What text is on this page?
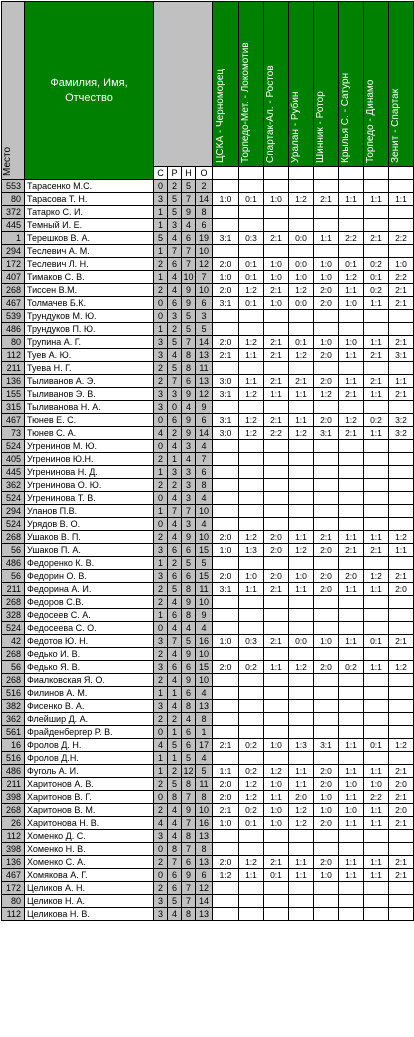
Место	Фамилия, Имя, Отчество					ЦСКА - Черноморец	Торпедо-Мет. - Локомотив	Спартак-Ал. - Ростов	Уралан - Рубин	Шинник - Ротор	Крылья С. - Сатурн	Торпедо - Динамо	Зенит - Спартак

		С	Р	Н	О								
553	Тарасенко М.С.	0	2	5	2								
80	Тарасова Т. Н.	3	5	7	14	1:0	0:1	1:0	1:2	2:1	1:1	1:1	1:1
372	Татарко С. И.	1	5	9	8								
445	Темный И. Е.	1	3	4	6								
1	Терешков В. А.	5	4	6	19	3:1	0:3	2:1	0:0	1:1	2:2	2:1	2:2
294	Теслевич А. М.	1	7	7	10								
172	Теслевич Л. Н.	2	6	7	12	2:0	0:1	1:0	0:0	1:0	0:1	0:2	1:0
407	Тимаков С. В.	1	4	10	7	1:0	0:1	1:0	1:0	1:0	1:2	0:1	2:2
268	Тиссен В.М.	2	4	9	10	2:0	1:2	2:1	1:2	2:0	1:1	0:2	2:1
467	Толмачев Б.К.	0	6	9	6	3:1	0:1	1:0	0:0	2:0	1:0	1:1	2:1
539	Трундуков М. Ю.	0	3	5	3								
486	Трундуков П. Ю.	1	2	5	5								
80	Трупина А. Г.	3	5	7	14	2:0	1:2	2:1	0:1	1:0	1:0	1:1	2:1
112	Туев А. Ю.	3	4	8	13	2:1	1:1	2:1	1:2	2:0	1:1	2:1	3:1
211	Туева Н. Г.	2	5	8	11								
136	Тыливанов А. Э.	2	7	6	13	3:0	1:1	2:1	2:1	2:0	1:1	2:1	1:1
155	Тыливанов Э. В.	3	3	9	12	3:1	1:2	1:1	1:1	1:2	2:1	1:1	2:1
315	Тыливанова Н. А.	3	0	4	9								
467	Тюнев Е. С.	0	6	9	6	3:1	1:2	2:1	1:1	2:0	1:2	0:2	3:2
73	Тюнев С. А.	4	2	9	14	3:0	1:2	2:2	1:2	3:1	2:1	1:1	3:2
524	Угренинов М. Ю.	0	4	3	4								
405	Угренинов Ю.Н.	2	1	4	7								
445	Угренинова Н. Д.	1	3	3	6								
362	Угренинова О. Ю.	2	2	3	8								
524	Угренинова Т. В.	0	4	3	4								
294	Уланов П.В.	1	7	7	10								
524	Урядов В. О.	0	4	3	4								
268	Ушаков В. П.	2	4	9	10	2:0	1:2	2:0	1:1	2:1	1:1	1:1	1:2
56	Ушаков П. А.	3	6	6	15	1:0	1:3	2:0	1:2	2:0	2:1	2:1	1:1
486	Федоренко К. В.	1	2	5	5								
56	Федорин О. В.	3	6	6	15	2:0	1:0	2:0	1:0	2:0	2:0	1:2	2:1
211	Федорина А. И.	2	5	8	11	3:1	1:1	2:1	1:1	2:0	1:1	1:1	2:0
268	Федоров С.В.	2	4	9	10								
328	Федосеев С. А.	1	6	8	9								
524	Федосеева С. О.	0	4	4	4								
42	Федотов Ю. Н.	3	7	5	16	1:0	0:3	2:1	0:0	1:0	1:1	0:1	2:1
268	Федько И. В.	2	4	9	10								
56	Федько Я. В.	3	6	6	15	2:0	0:2	1:1	1:2	2:0	0:2	1:1	1:2
268	Фиалковская Я. О.	2	4	9	10								
516	Филинов А. М.	1	1	6	4								
382	Фисенко В. А.	3	4	8	13								
362	Флейшир Д. А.	2	2	4	8								
561	Фрайденбергер Р. В.	0	1	6	1								
16	Фролов Д. Н.	4	5	6	17	2:1	0:2	1:0	1:3	3:1	1:1	0:1	1:2
516	Фролов Д.Н.	1	1	5	4								
486	Фуголь А. И.	1	2	12	5	1:1	0:2	1:2	1:1	2:0	1:1	1:1	2:1
211	Харитонов А. В.	2	5	8	11	2:0	1:2	1:0	1:1	2:0	1:0	1:0	2:0
398	Харитонов В. Г.	0	8	7	8	2:0	1:2	1:1	2:0	1:0	1:1	2:2	2:1
268	Харитонов В. М.	2	4	9	10	2:1	0:2	1:0	1:2	1:0	1:0	1:1	2:0
26	Харитонова Н. В.	4	4	7	16	1:0	0:1	1:0	1:2	2:0	1:1	1:1	2:1
112	Хоменко Д. С.	3	4	8	13								
398	Хоменко Н. В.	0	8	7	8								
136	Хоменко С. А.	2	7	6	13	2:0	1:2	2:1	1:1	2:0	1:1	1:1	2:1
467	Хомякова А. Г.	0	6	9	6	1:2	1:1	0:1	1:1	1:0	1:1	1:1	2:1
172	Целиков А. Н.	2	6	7	12								
80	Целиков Н. А.	3	5	7	14								
112	Целикова Н. В.	3	4	8	13								
